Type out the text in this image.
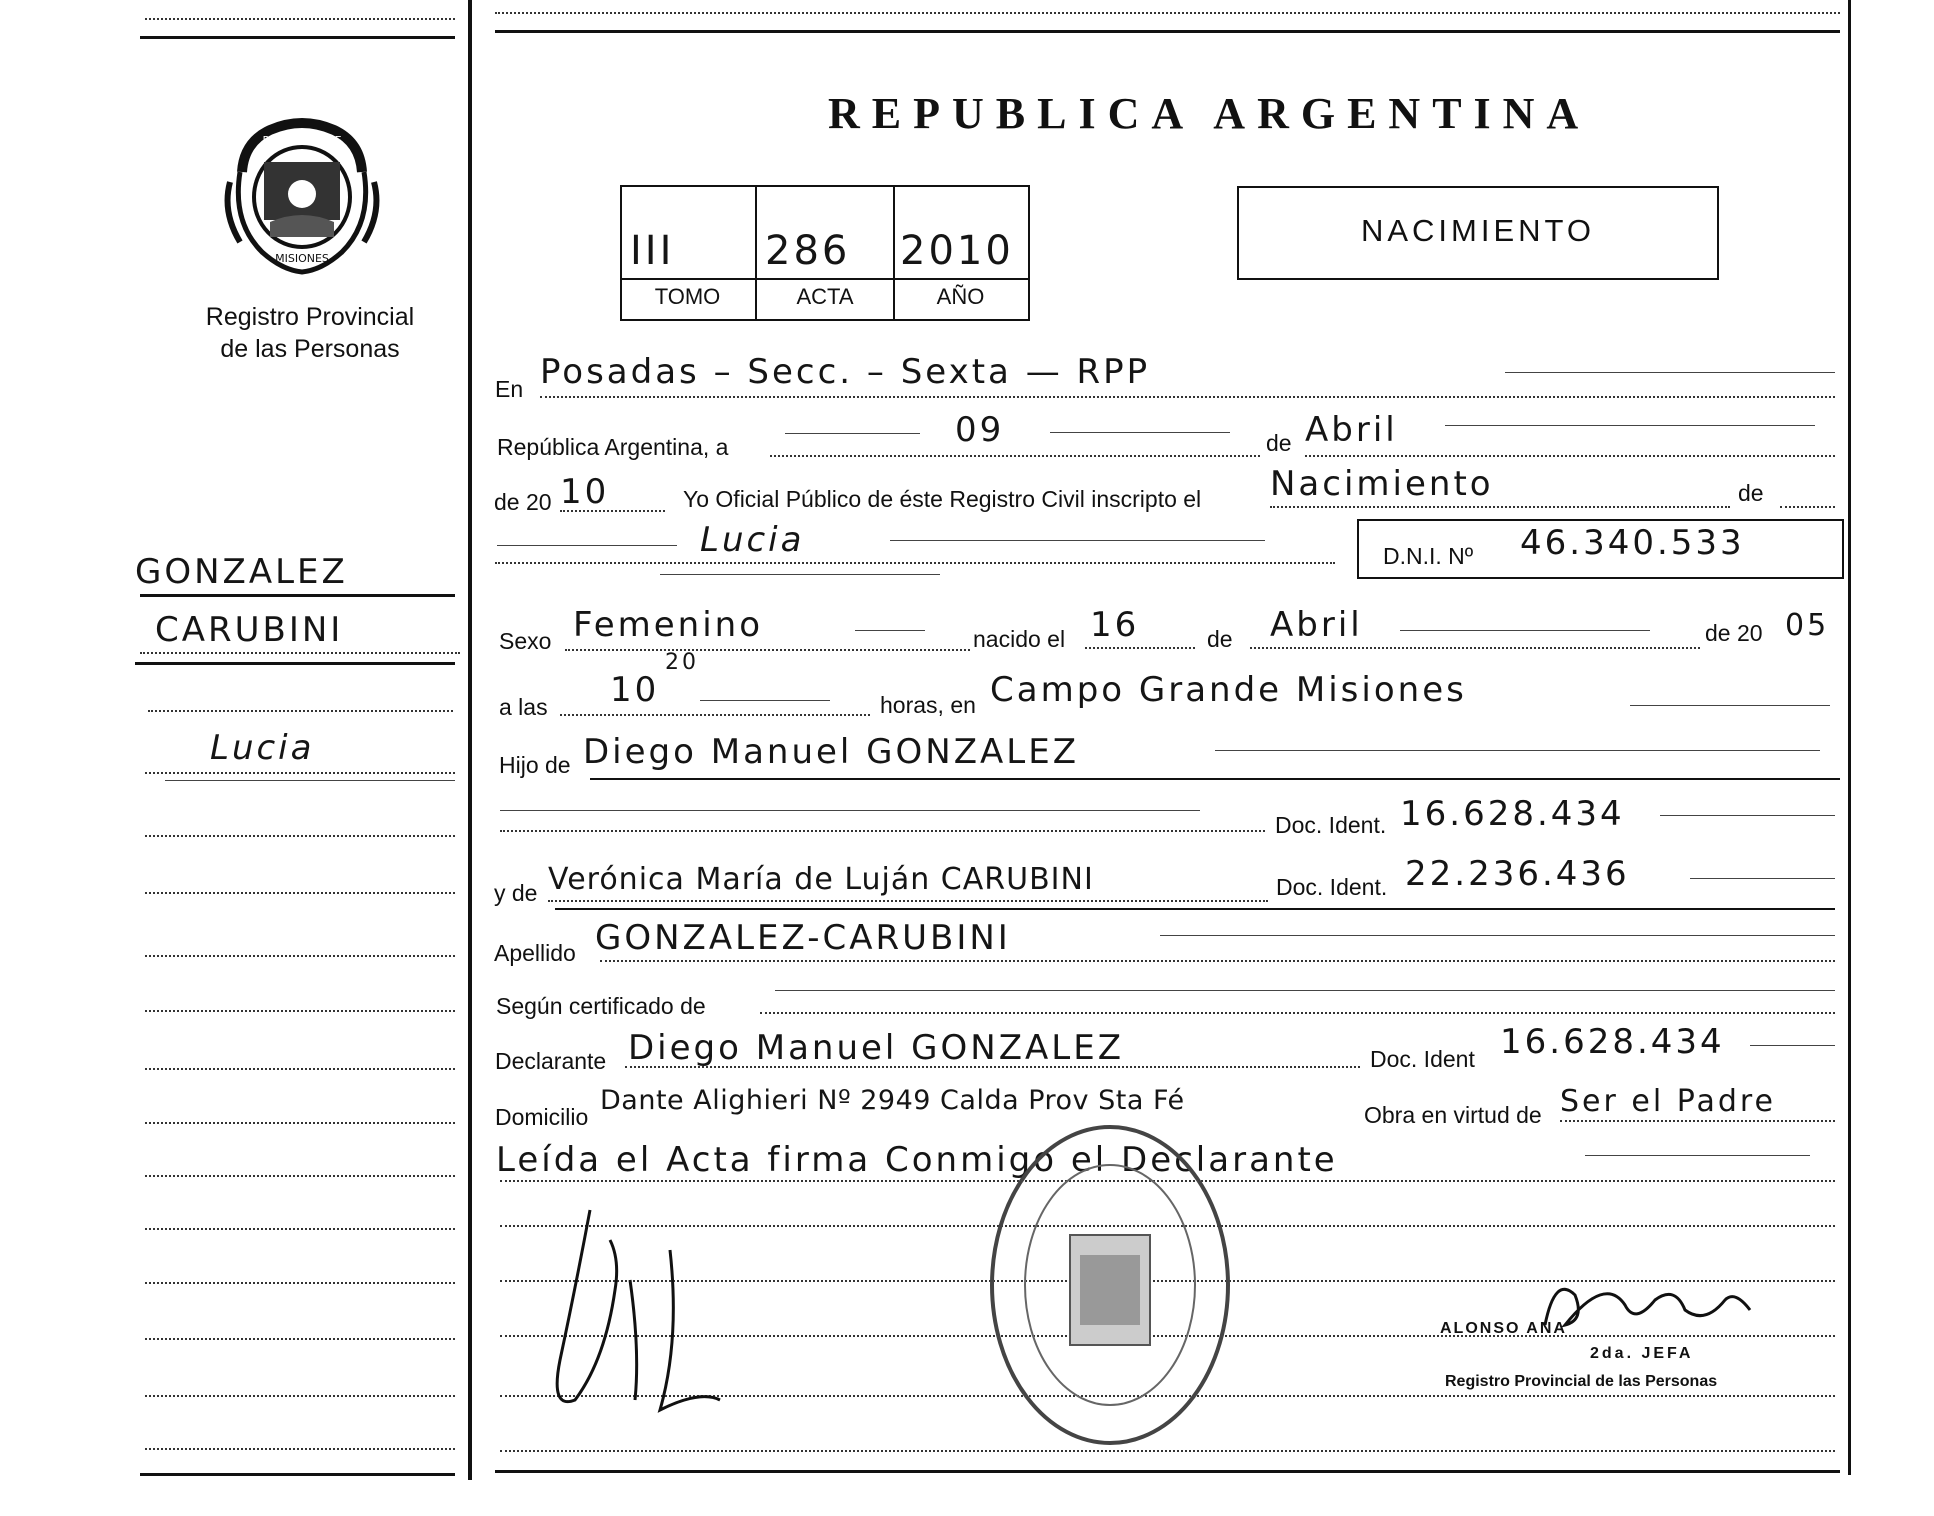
PROVINCIA DE
MISIONES
Registro Provincial
de las Personas
GONZALEZ
CARUBINI
Lucia
REPUBLICA ARGENTINA
III 286 2010
TOMO	ACTA	AÑO
NACIMIENTO
En Posadas – Secc. – Sexta — RPP
República Argentina, a	09	de Abril
de 20 10	Yo Oficial Público de éste Registro Civil inscripto el Nacimiento	de
Lucia	D.N.I. Nº 46.340.533
Sexo Femenino	nacido el 16	de Abril	de 20 05
a las 10
20
horas, en Campo Grande Misiones
Hijo de Diego Manuel GONZALEZ
Doc. Ident. 16.628.434
y de Verónica María de Luján CARUBINI	Doc. Ident. 22.236.436
Apellido GONZALEZ-CARUBINI
Según certificado de
Declarante Diego Manuel GONZALEZ	Doc. Ident 16.628.434
Domicilio
Dante Alighieri Nº 2949 Calda Prov Sta Fé	Obra en virtud de Ser el Padre
Leída el Acta firma Conmigo el Declarante
ALONSO ANA
2da. JEFA
Registro Provincial de las Personas
